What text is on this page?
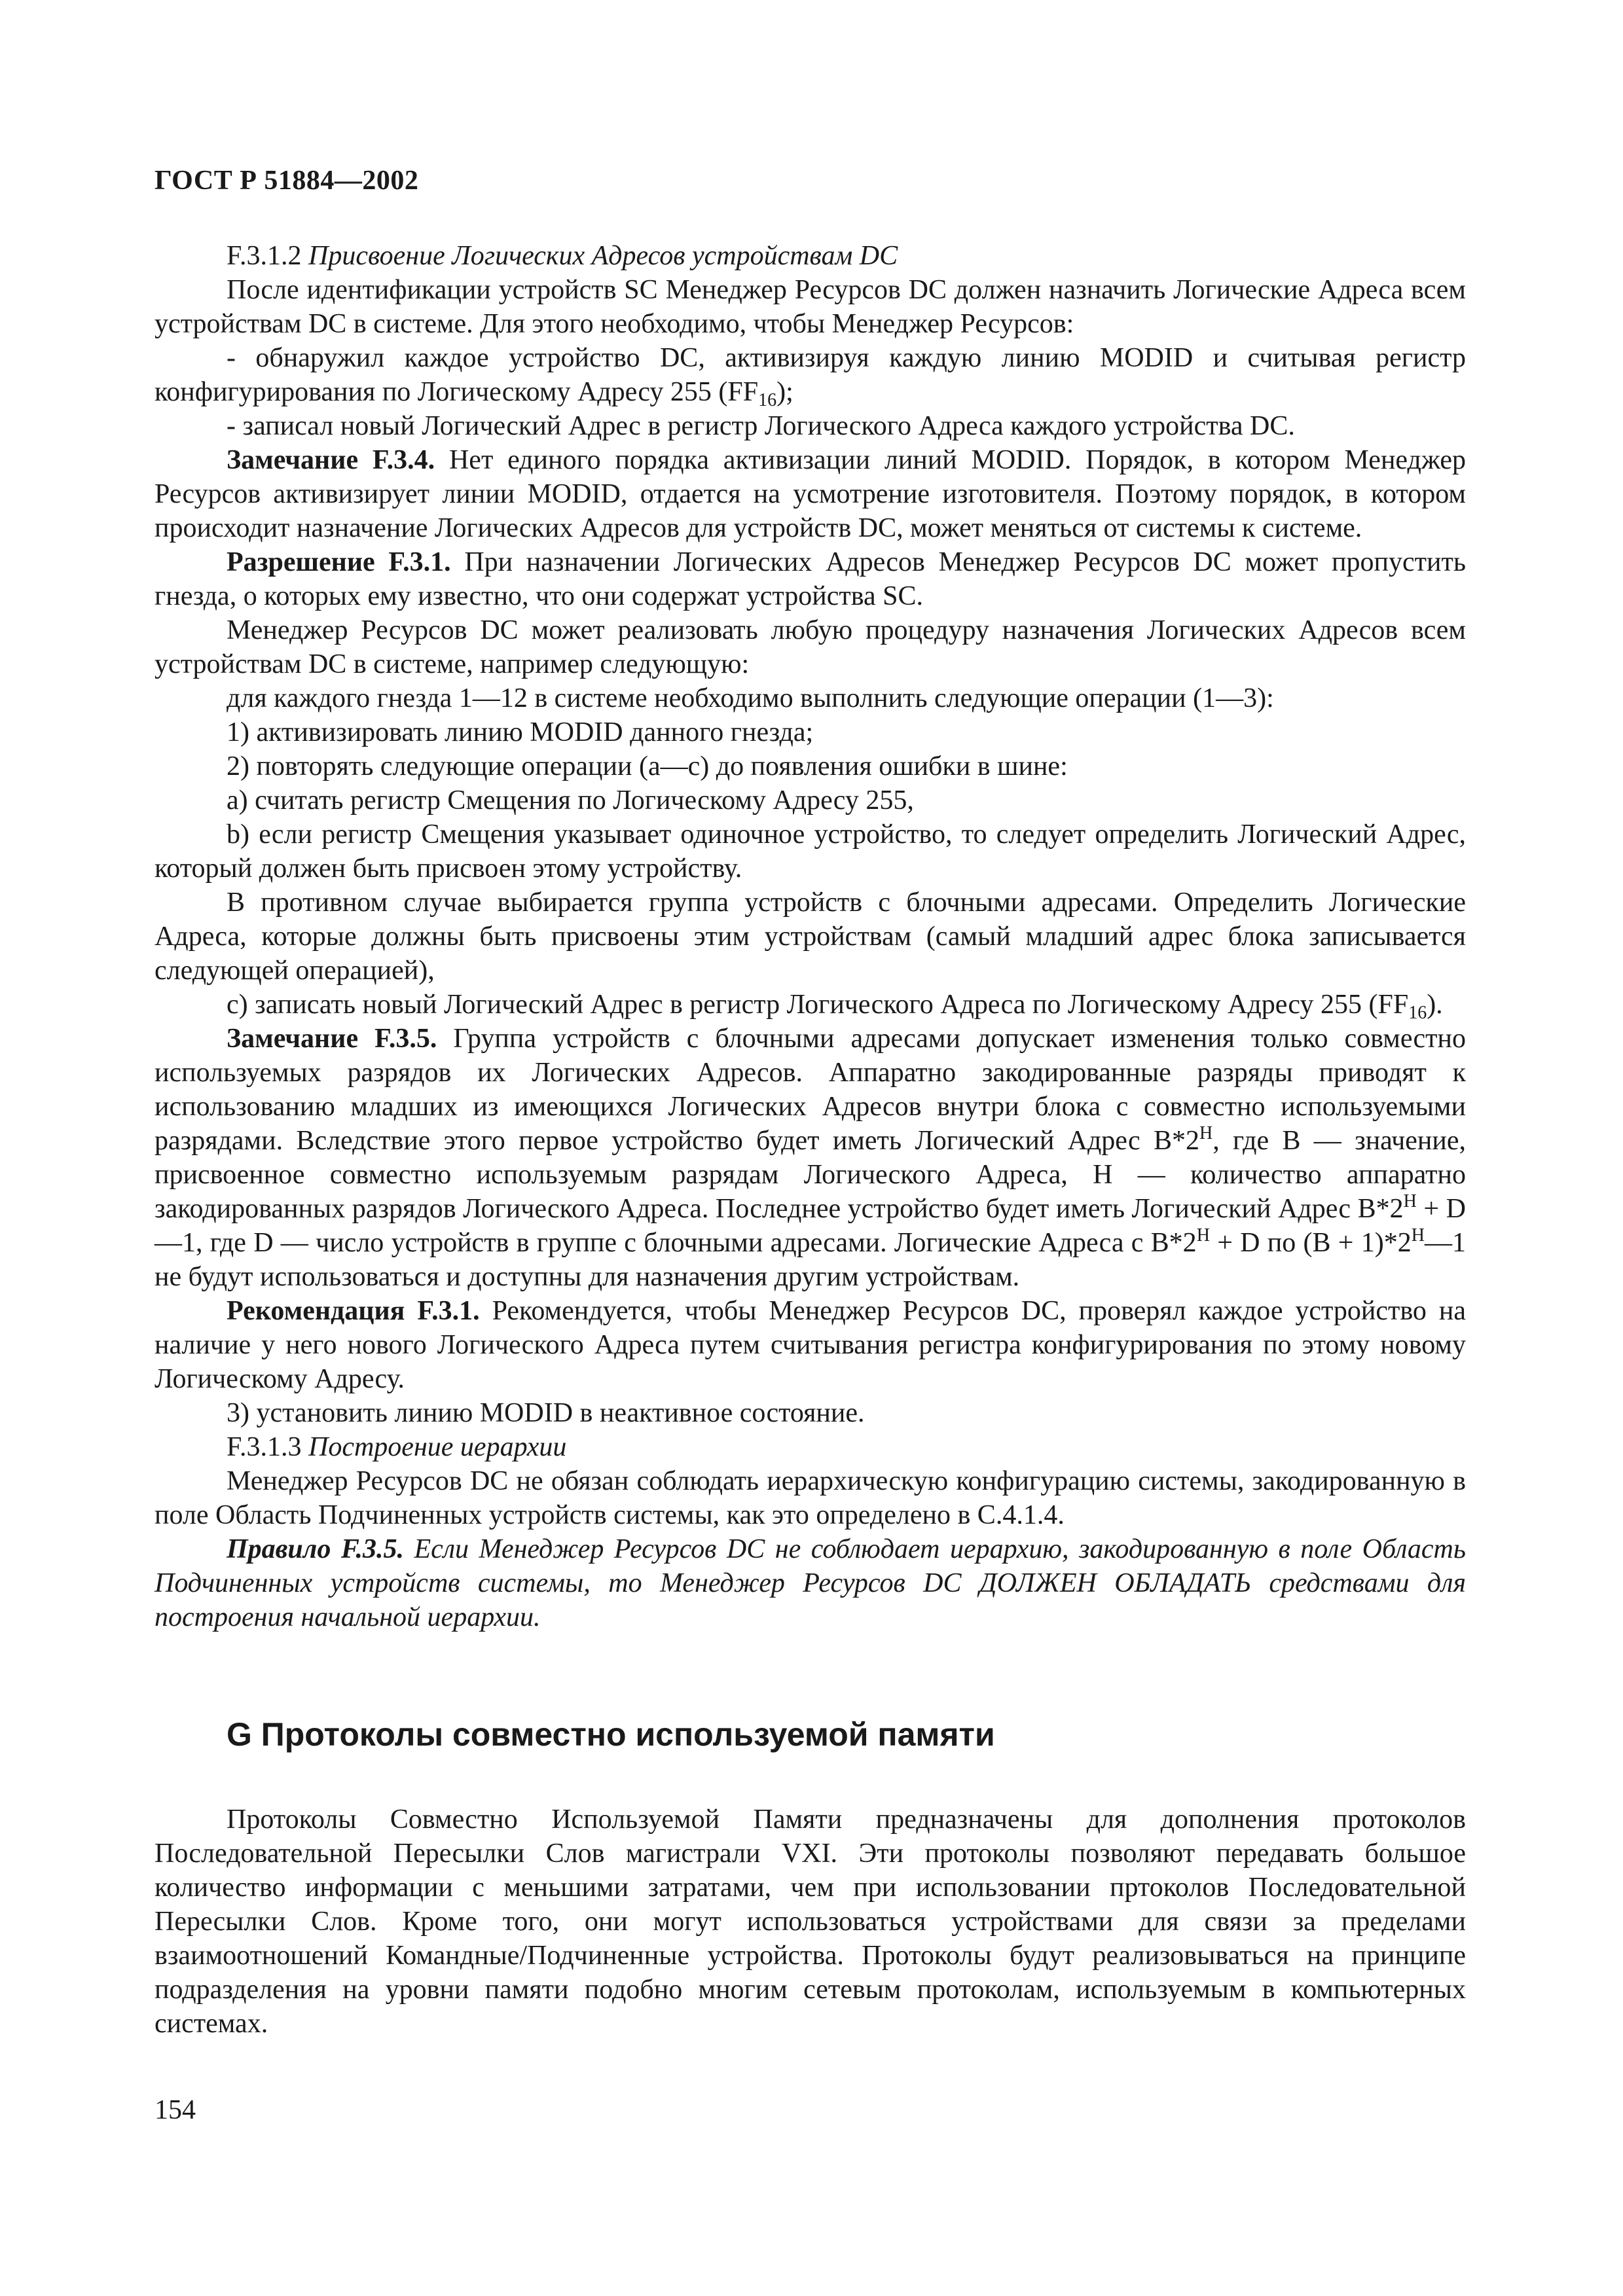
ГОСТ Р 51884—2002

F.3.1.2 Присвоение Логических Адресов устройствам DC

После идентификации устройств SC Менеджер Ресурсов DC должен назначить Логические Адреса всем устройствам DC в системе. Для этого необходимо, чтобы Менеджер Ресурсов:

- обнаружил каждое устройство DC, активизируя каждую линию MODID и считывая регистр конфигурирования по Логическому Адресу 255 $(FF_{16})$;

- записал новый Логический Адрес в регистр Логического Адреса каждого устройства DC.

Замечание F.3.4. Нет единого порядка активизации линий MODID. Порядок, в котором Менеджер Ресурсов активизирует линии MODID, отдается на усмотрение изготовителя. Поэтому порядок, в котором происходит назначение Логических Адресов для устройств DC, может меняться от системы к системе.

Разрешение F.3.1. При назначении Логических Адресов Менеджер Ресурсов DC может пропустить гнезда, о которых ему известно, что они содержат устройства SC.

Менеджер Ресурсов DC может реализовать любую процедуру назначения Логических Адресов всем устройствам DC в системе, например следующую:

для каждого гнезда 1—12 в системе необходимо выполнить следующие операции (1—3):

1) активизировать линию MODID данного гнезда;

2) повторять следующие операции (а—с) до появления ошибки в шине:

а) считать регистр Смещения по Логическому Адресу 255,

b) если регистр Смещения указывает одиночное устройство, то следует определить Логический Адрес, который должен быть присвоен этому устройству.

В противном случае выбирается группа устройств с блочными адресами. Определить Логические Адреса, которые должны быть присвоены этим устройствам (самый младший адрес блока записывается следующей операцией),

с) записать новый Логический Адрес в регистр Логического Адреса по Логическому Адресу 255 $(FF_{16})$.

Замечание F.3.5. Группа устройств с блочными адресами допускает изменения только совместно используемых разрядов их Логических Адресов. Аппаратно закодированные разряды приводят к использованию младших из имеющихся Логических Адресов внутри блока с совместно используемыми разрядами. Вследствие этого первое устройство будет иметь Логический Адрес $B*2^H$, где В — значение, присвоенное совместно используемым разрядам Логического Адреса, Н — количество аппаратно закодированных разрядов Логического Адреса. Последнее устройство будет иметь Логический Адрес $B*2^H$ + D—1, где D — число устройств в группе с блочными адресами. Логические Адреса с $B*2^H + D$ по $(В + 1)*2^H—1$ не будут использоваться и доступны для назначения другим устройствам.

Рекомендация F.3.1. Рекомендуется, чтобы Менеджер Ресурсов DC, проверял каждое устройство на наличие у него нового Логического Адреса путем считывания регистра конфигурирования по этому новому Логическому Адресу.

3) установить линию MODID в неактивное состояние.

F.3.1.3 Построение иерархии

Менеджер Ресурсов DC не обязан соблюдать иерархическую конфигурацию системы, закодированную в поле Область Подчиненных устройств системы, как это определено в С.4.1.4.

Правило F.3.5. Если Менеджер Ресурсов DC не соблюдает иерархию, закодированную в поле Область Подчиненных устройств системы, то Менеджер Ресурсов DC ДОЛЖЕН ОБЛАДАТЬ средствами для построения начальной иерархии.

G Протоколы совместно используемой памяти

Протоколы Совместно Используемой Памяти предназначены для дополнения протоколов Последовательной Пересылки Слов магистрали VXI. Эти протоколы позволяют передавать большое количество информации с меньшими затратами, чем при использовании пртоколов Последовательной Пересылки Слов. Кроме того, они могут использоваться устройствами для связи за пределами взаимоотношений Командные/Подчиненные устройства. Протоколы будут реализовываться на принципе подразделения на уровни памяти подобно многим сетевым протоколам, используемым в компьютерных системах.

154
